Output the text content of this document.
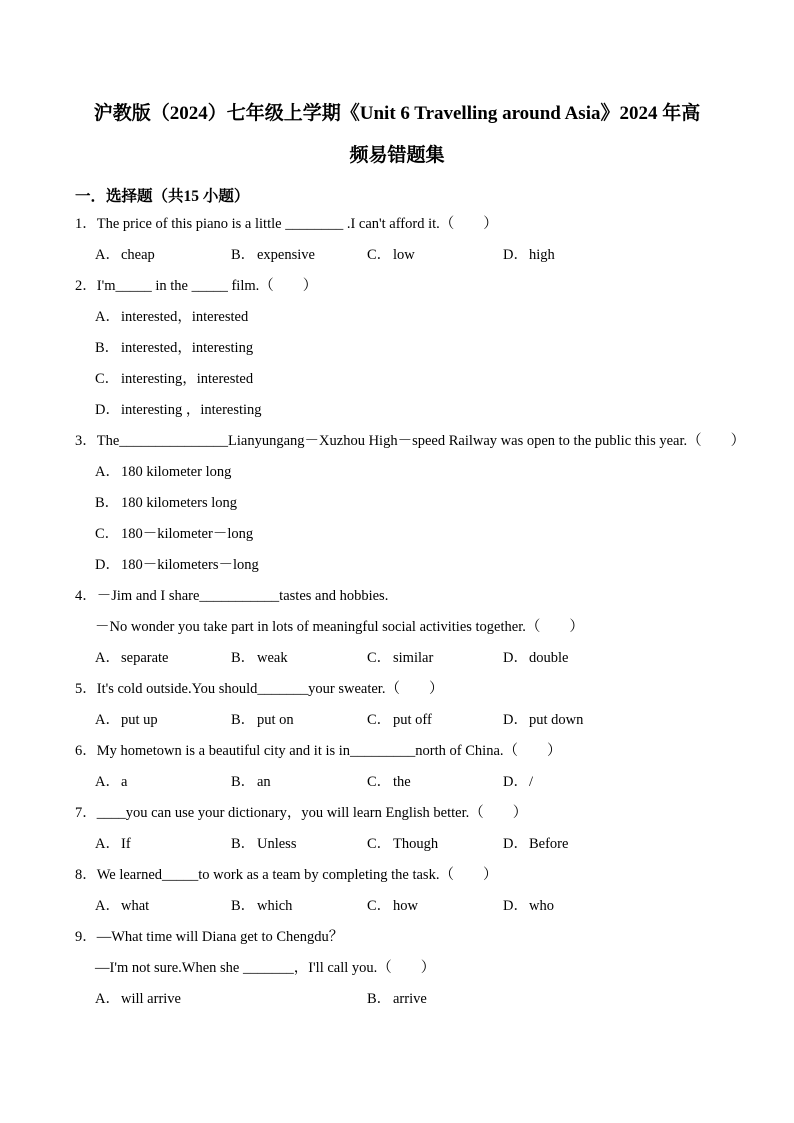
沪教版（2024）七年级上学期《Unit 6 Travelling around Asia》2024 年高
频易错题集
一．选择题（共15 小题）
1．The price of this piano is a little ________ .I can't afford it.（　　）
A．cheap	B． expensive	C． low	D．high
2．I'm_____ in the _____ film.（　　）
A．interested，interested
B． interested，interesting
C． interesting，interested
D．interesting ，interesting
3．The_______________Lianyungang－Xuzhou High－speed Railway was open to the public this year.（　　）
A．180 kilometer long
B． 180 kilometers long
C． 180－kilometer－long
D．180－kilometers－long
4．－Jim and I share___________tastes and hobbies.
－No wonder you take part in lots of meaningful social activities together.（　　）
A．separate	B． weak	C． similar	D．double
5．It's cold outside.You should_______your sweater.（　　）
A．put up	B． put on	C． put off	D．put down
6．My hometown is a beautiful city and it is in_________north of China.（　　）
A．a	B． an	C． the	D．/
7．____you can use your dictionary，you will learn English better.（　　）
A．If	B． Unless	C． Though	D．Before
8．We learned_____to work as a team by completing the task.（　　）
A．what	B． which	C． how	D．who
9．—What time will Diana get to Chengdu？
—I'm not sure.When she _______，I'll call you.（　　）
A．will arrive	B． arrive
